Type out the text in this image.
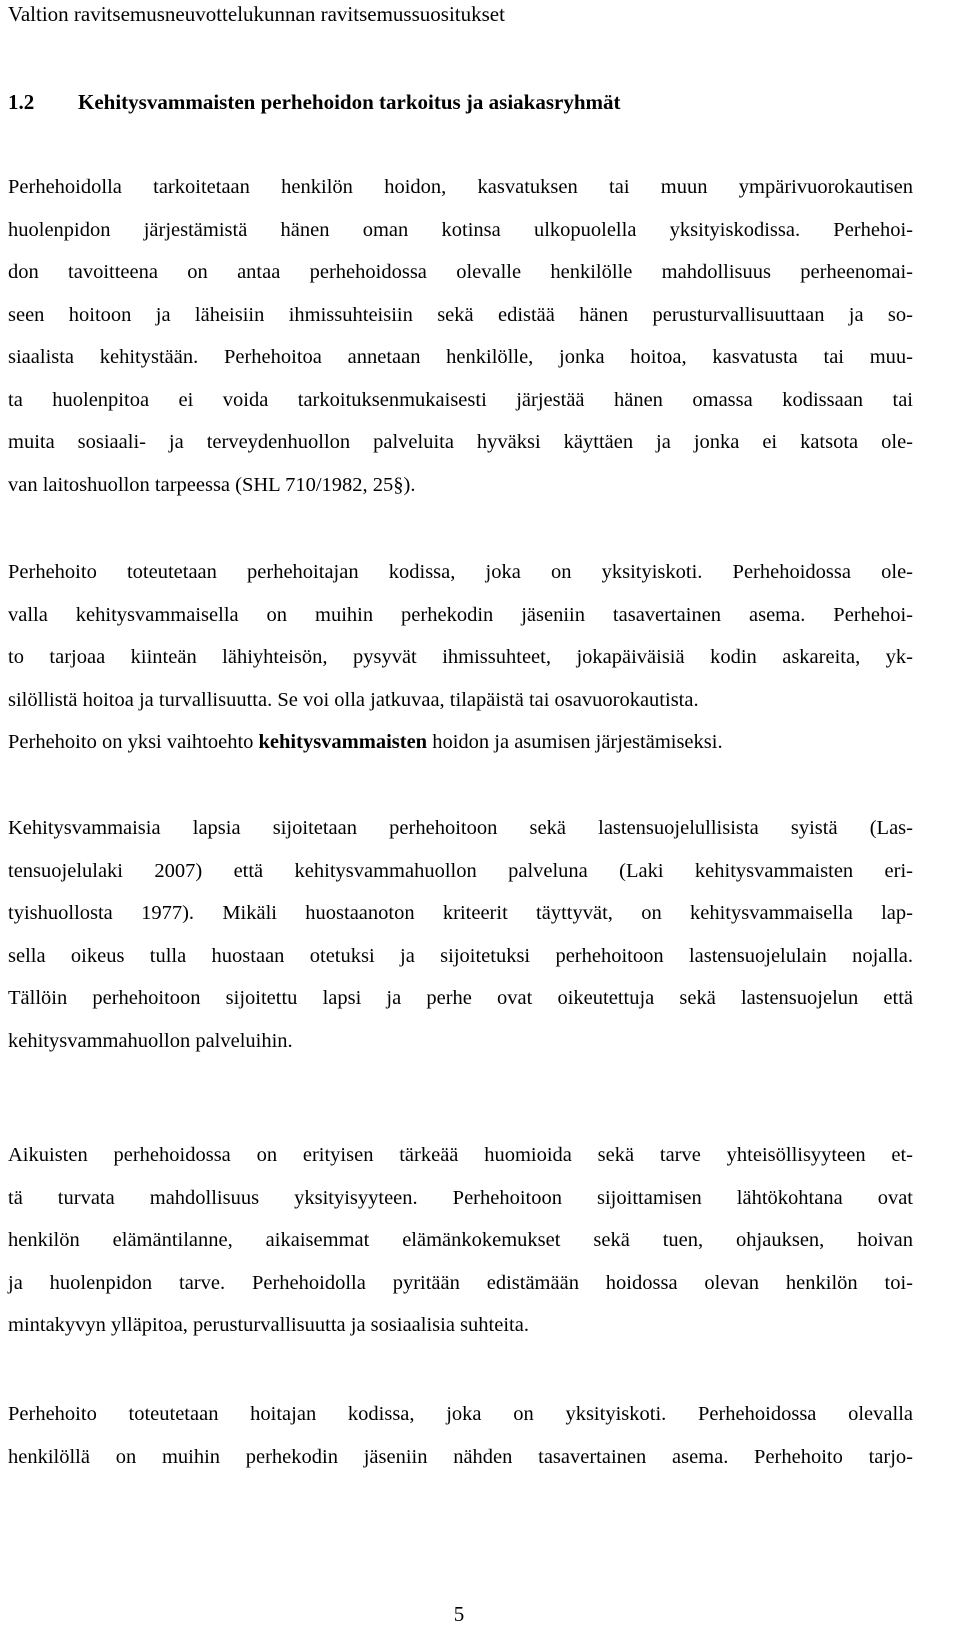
Valtion ravitsemusneuvottelukunnan ravitsemussuositukset
1.2 Kehitysvammaisten perhehoidon tarkoitus ja asiakasryhmät

Perhehoidolla tarkoitetaan henkilön hoidon, kasvatuksen tai muun ympärivuorokautisen
huolenpidon järjestämistä hänen oman kotinsa ulkopuolella yksityiskodissa. Perhehoi-
don tavoitteena on antaa perhehoidossa olevalle henkilölle mahdollisuus perheenomai-
seen hoitoon ja läheisiin ihmissuhteisiin sekä edistää hänen perusturvallisuuttaan ja so-
siaalista kehitystään. Perhehoitoa annetaan henkilölle, jonka hoitoa, kasvatusta tai muu-
ta huolenpitoa ei voida tarkoituksenmukaisesti järjestää hänen omassa kodissaan tai
muita sosiaali- ja terveydenhuollon palveluita hyväksi käyttäen ja jonka ei katsota ole-
van laitoshuollon tarpeessa (SHL 710/1982, 25§).

Perhehoito toteutetaan perhehoitajan kodissa, joka on yksityiskoti. Perhehoidossa ole-
valla kehitysvammaisella on muihin perhekodin jäseniin tasavertainen asema. Perhehoi-
to tarjoaa kiinteän lähiyhteisön, pysyvät ihmissuhteet, jokapäiväisiä kodin askareita, yk-
silöllistä hoitoa ja turvallisuutta. Se voi olla jatkuvaa, tilapäistä tai osavuorokautista.
Perhehoito on yksi vaihtoehto kehitysvammaisten hoidon ja asumisen järjestämiseksi.

Kehitysvammaisia lapsia sijoitetaan perhehoitoon sekä lastensuojelullisista syistä (Las-
tensuojelulaki 2007) että kehitysvammahuollon palveluna (Laki kehitysvammaisten eri-
tyishuollosta 1977). Mikäli huostaanoton kriteerit täyttyvät, on kehitysvammaisella lap-
sella oikeus tulla huostaan otetuksi ja sijoitetuksi perhehoitoon lastensuojelulain nojalla.
Tällöin perhehoitoon sijoitettu lapsi ja perhe ovat oikeutettuja sekä lastensuojelun että
kehitysvammahuollon palveluihin.

Aikuisten perhehoidossa on erityisen tärkeää huomioida sekä tarve yhteisöllisyyteen et-
tä turvata mahdollisuus yksityisyyteen. Perhehoitoon sijoittamisen lähtökohtana ovat
henkilön elämäntilanne, aikaisemmat elämänkokemukset sekä tuen, ohjauksen, hoivan
ja huolenpidon tarve. Perhehoidolla pyritään edistämään hoidossa olevan henkilön toi-
mintakyvyn ylläpitoa, perusturvallisuutta ja sosiaalisia suhteita.

Perhehoito toteutetaan hoitajan kodissa, joka on yksityiskoti. Perhehoidossa olevalla
henkilöllä on muihin perhekodin jäseniin nähden tasavertainen asema. Perhehoito tarjo-

5
